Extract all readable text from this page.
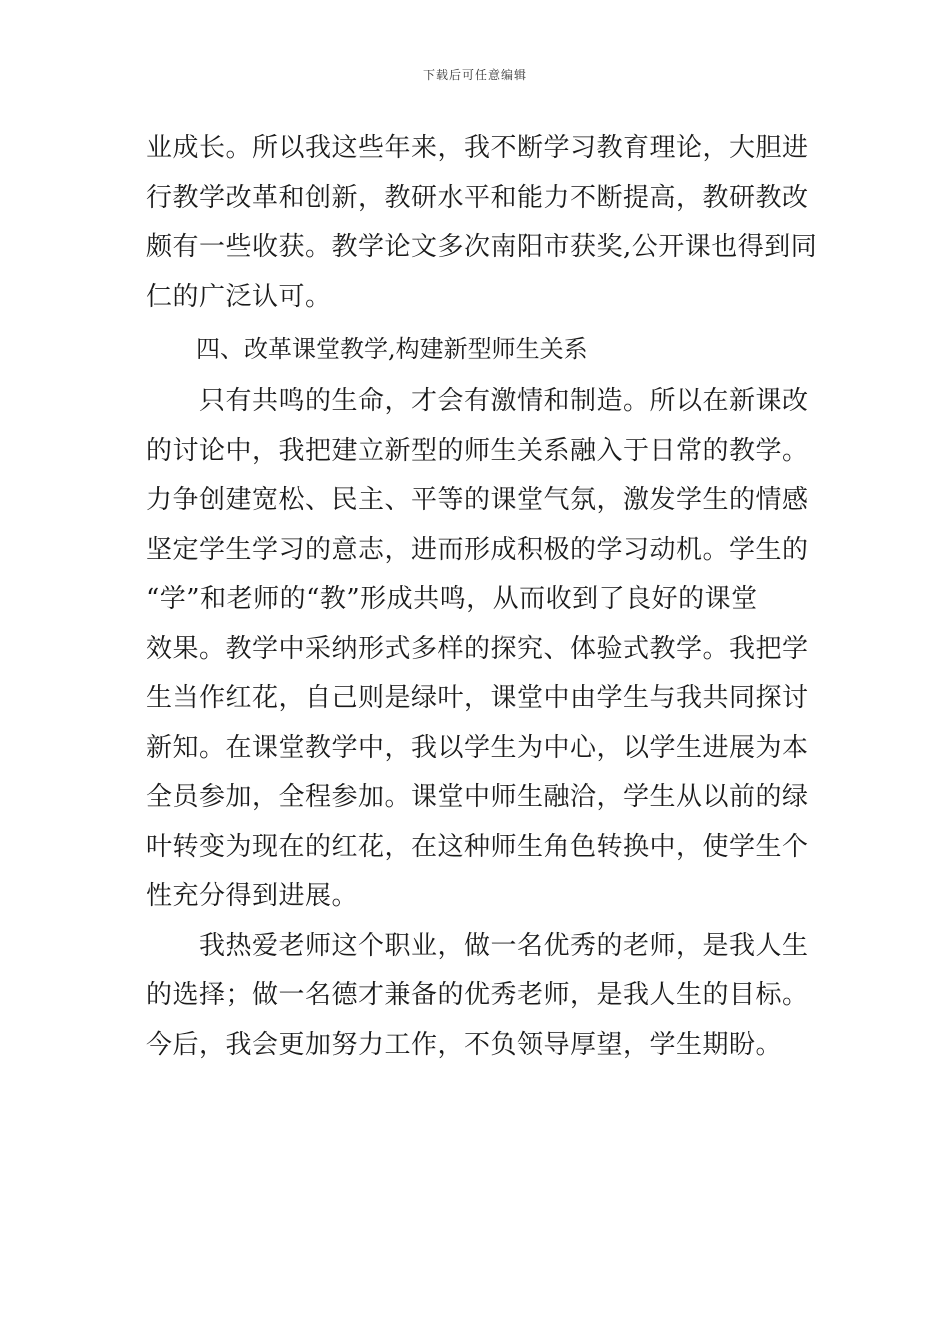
下载后可任意编辑
业成长。所以我这些年来，我不断学习教育理论，大胆进
行教学改革和创新，教研水平和能力不断提高，教研教改
颇有一些收获。教学论文多次南阳市获奖,公开课也得到同
仁的广泛认可。
四、改革课堂教学,构建新型师生关系
　　只有共鸣的生命，才会有激情和制造。所以在新课改
的讨论中，我把建立新型的师生关系融入于日常的教学。
力争创建宽松、民主、平等的课堂气氛，激发学生的情感
坚定学生学习的意志，进而形成积极的学习动机。学生的
“学”和老师的“教”形成共鸣，从而收到了良好的课堂
效果。教学中采纳形式多样的探究、体验式教学。我把学
生当作红花，自己则是绿叶，课堂中由学生与我共同探讨
新知。在课堂教学中，我以学生为中心，以学生进展为本
全员参加，全程参加。课堂中师生融洽，学生从以前的绿
叶转变为现在的红花，在这种师生角色转换中，使学生个
性充分得到进展。
　　我热爱老师这个职业，做一名优秀的老师，是我人生
的选择；做一名德才兼备的优秀老师，是我人生的目标。
今后，我会更加努力工作，不负领导厚望，学生期盼。
